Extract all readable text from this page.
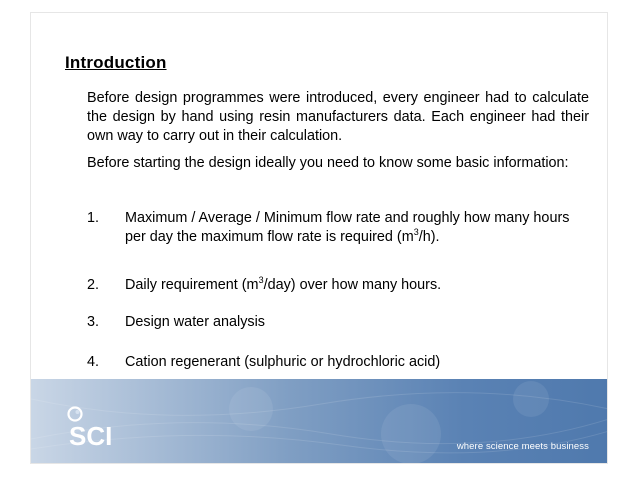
Introduction
Before design programmes were introduced, every engineer had to calculate the design by hand using resin manufacturers data. Each engineer had their own way to carry out in their calculation.
Before starting the design ideally you need to know some basic information:
1. Maximum / Average / Minimum flow rate and roughly how many hours per day the maximum flow rate is required $(m^3/h)$.
2. Daily requirement $(m^3/day)$ over how many hours.
3. Design water analysis
4. Cation regenerant (sulphuric or hydrochloric acid)
SCI	where science meets business
